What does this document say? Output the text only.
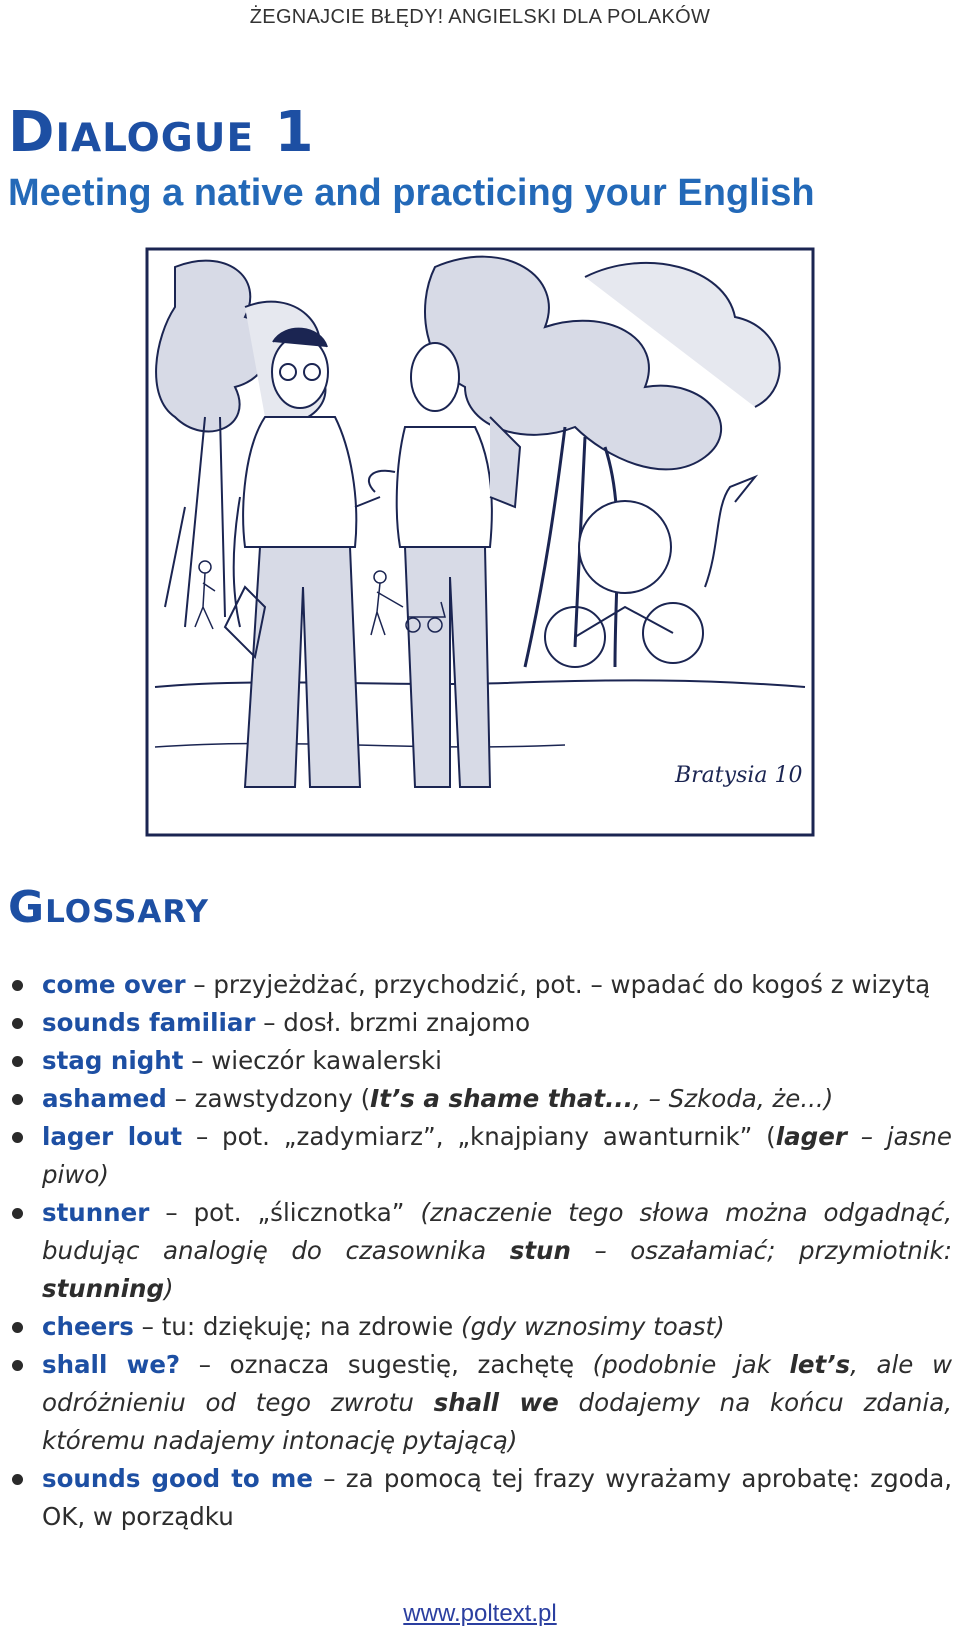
ŻEGNAJCIE BŁĘDY! ANGIELSKI DLA POLAKÓW
Dialogue 1
Meeting a native and practicing your English
Bratysia 10
Glossary
come over – przyjeżdżać, przychodzić, pot. – wpadać do kogoś z wizytą
sounds familiar – dosł. brzmi znajomo
stag night – wieczór kawalerski
ashamed – zawstydzony (It’s a shame that..., – Szkoda, że...)
lager lout – pot. „zadymiarz”, „knajpiany awanturnik” (lager – jasne piwo)
stunner – pot. „ślicznotka” (znaczenie tego słowa można odgadnąć, budując analogię do czasownika stun – oszałamiać; przymiotnik: stunning)
cheers – tu: dziękuję; na zdrowie (gdy wznosimy toast)
shall we? – oznacza sugestię, zachętę (podobnie jak let’s, ale w odróżnieniu od tego zwrotu shall we dodajemy na końcu zdania, któremu nadajemy intonację pytającą)
sounds good to me – za pomocą tej frazy wyrażamy aprobatę: zgoda, OK, w porządku
www.poltext.pl
